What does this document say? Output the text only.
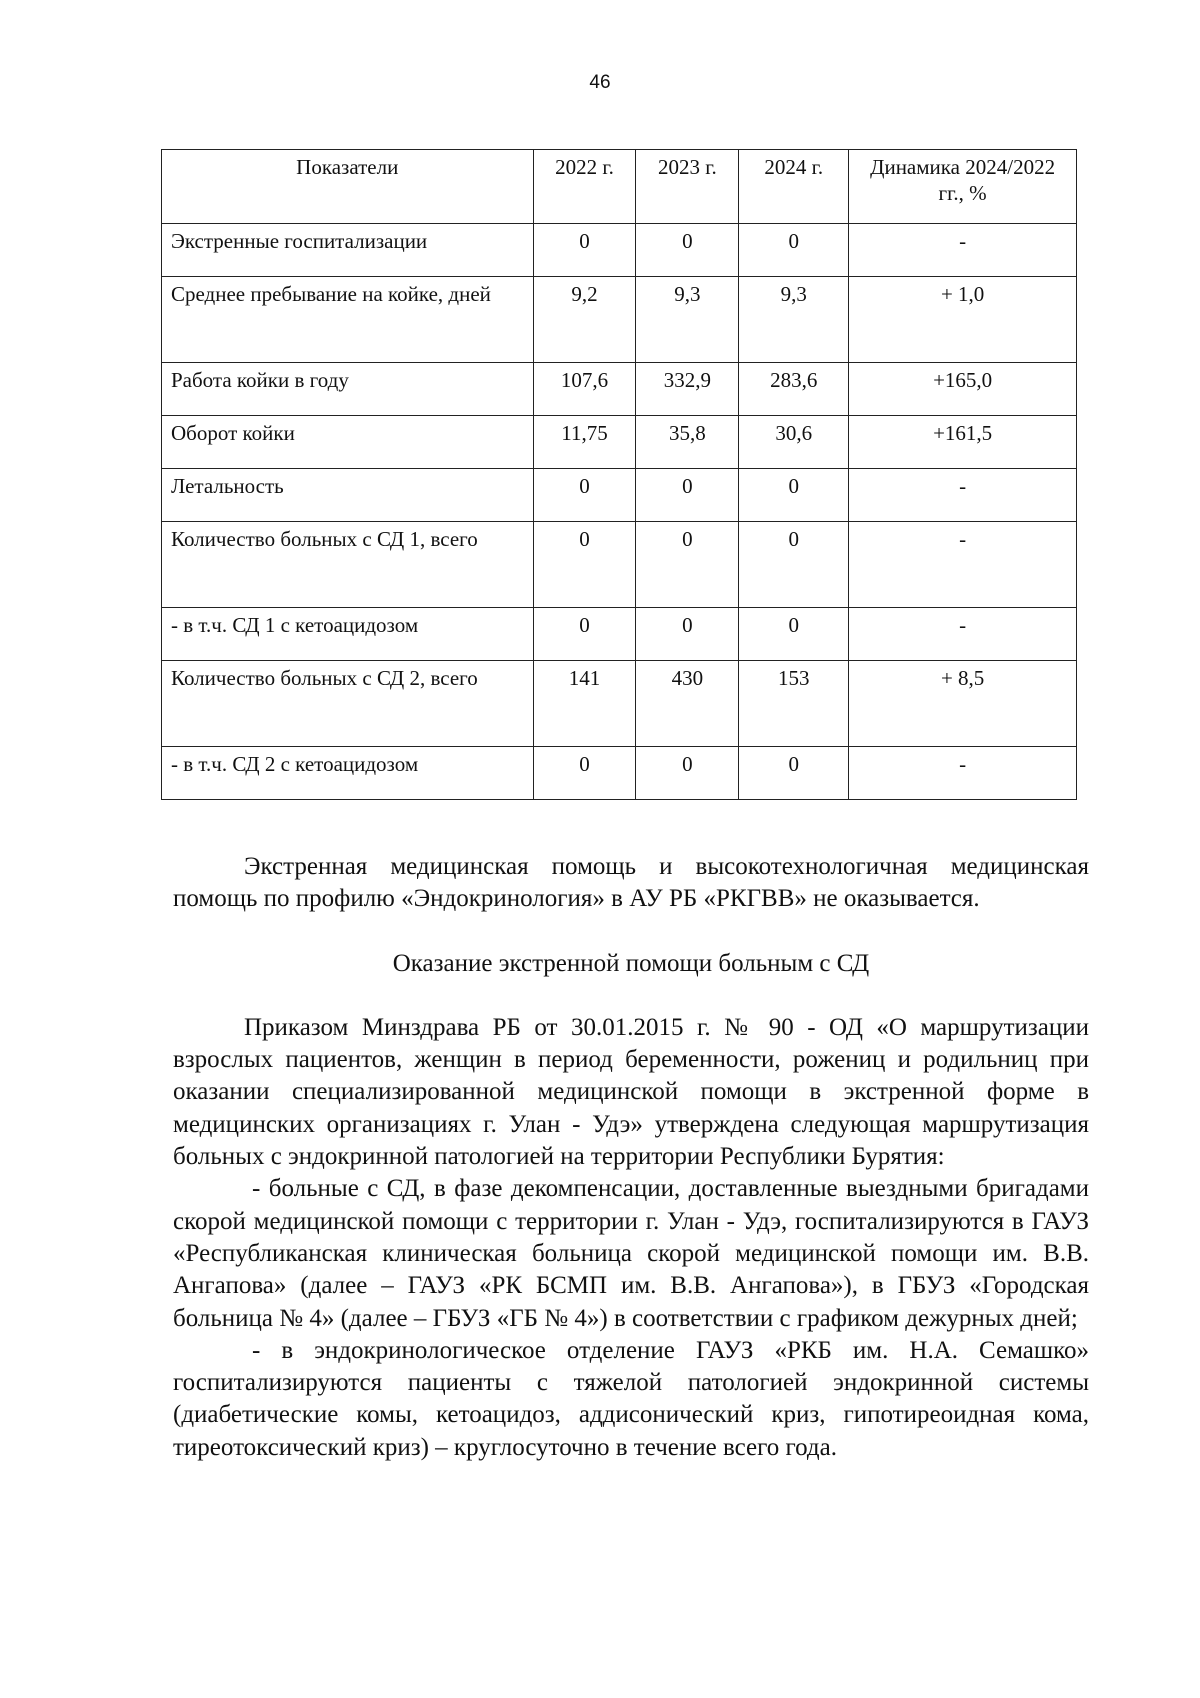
46
Показатели	2022 г.	2023 г.	2024 г.	Динамика 2024/2022 гг., %
Экстренные госпитализации	0	0	0	-
Среднее пребывание на койке, дней	9,2	9,3	9,3	+ 1,0
Работа койки в году	107,6	332,9	283,6	+165,0
Оборот койки	11,75	35,8	30,6	+161,5
Летальность	0	0	0	-
Количество больных с СД 1, всего	0	0	0	-
- в т.ч. СД 1 с кетоацидозом	0	0	0	-
Количество больных с СД 2, всего	141	430	153	+ 8,5
- в т.ч. СД 2 с кетоацидозом	0	0	0	-

Экстренная медицинская помощь и высокотехнологичная медицинская помощь по профилю «Эндокринология» в АУ РБ «РКГВВ» не оказывается.

Оказание экстренной помощи больным с СД

Приказом Минздрава РБ от 30.01.2015 г. № 90 - ОД «О маршрутизации взрослых пациентов, женщин в период беременности, рожениц и родильниц при оказании специализированной медицинской помощи в экстренной форме в медицинских организациях г. Улан - Удэ» утверждена следующая маршрутизация больных с эндокринной патологией на территории Республики Бурятия:

- больные с СД, в фазе декомпенсации, доставленные выездными бригадами скорой медицинской помощи с территории г. Улан - Удэ, госпитализируются в ГАУЗ «Республиканская клиническая больница скорой медицинской помощи им. В.В. Ангапова» (далее – ГАУЗ «РК БСМП им. В.В. Ангапова»), в ГБУЗ «Городская больница № 4» (далее – ГБУЗ «ГБ № 4») в соответствии с графиком дежурных дней;

- в эндокринологическое отделение ГАУЗ «РКБ им. Н.А. Семашко» госпитализируются пациенты с тяжелой патологией эндокринной системы (диабетические комы, кетоацидоз, аддисонический криз, гипотиреоидная кома, тиреотоксический криз) – круглосуточно в течение всего года.
